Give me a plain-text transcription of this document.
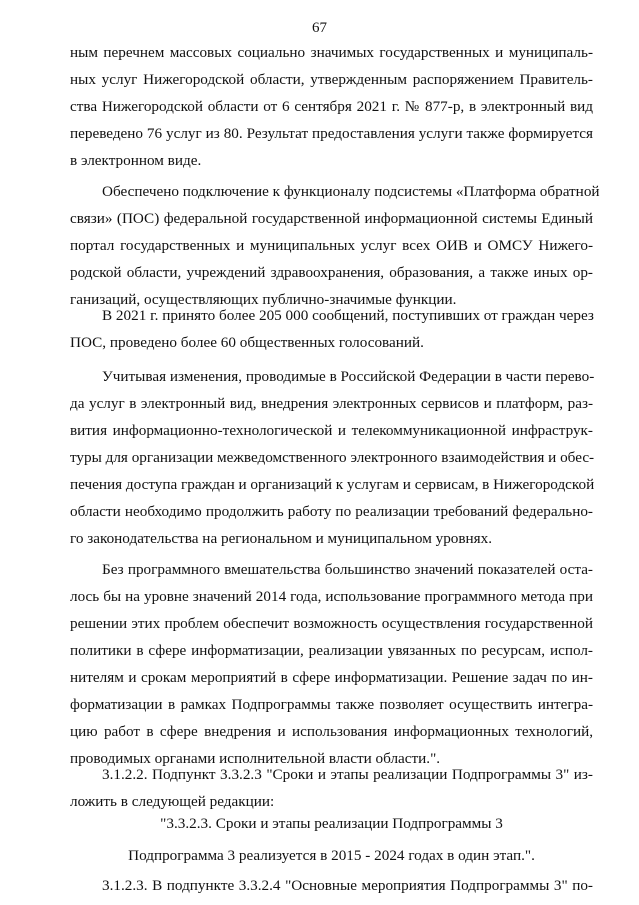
67
ным перечнем массовых социально значимых государственных и муниципаль-
ных услуг Нижегородской области, утвержденным распоряжением Правитель-
ства Нижегородской области от 6 сентября 2021 г. № 877-р, в электронный вид
переведено 76 услуг из 80. Результат предоставления услуги также формируется
в электронном виде.
Обеспечено подключение к функционалу подсистемы «Платформа обратной
связи» (ПОС) федеральной государственной информационной системы Единый
портал государственных и муниципальных услуг всех ОИВ и ОМСУ Нижего-
родской области, учреждений здравоохранения, образования, а также иных ор-
ганизаций, осуществляющих публично-значимые функции.
В 2021 г. принято более 205 000 сообщений, поступивших от граждан через
ПОС, проведено более 60 общественных голосований.
Учитывая изменения, проводимые в Российской Федерации в части перево-
да услуг в электронный вид, внедрения электронных сервисов и платформ, раз-
вития информационно-технологической и телекоммуникационной инфраструк-
туры для организации межведомственного электронного взаимодействия и обес-
печения доступа граждан и организаций к услугам и сервисам, в Нижегородской
области необходимо продолжить работу по реализации требований федерально-
го законодательства на региональном и муниципальном уровнях.
Без программного вмешательства большинство значений показателей оста-
лось бы на уровне значений 2014 года, использование программного метода при
решении этих проблем обеспечит возможность осуществления государственной
политики в сфере информатизации, реализации увязанных по ресурсам, испол-
нителям и срокам мероприятий в сфере информатизации. Решение задач по ин-
форматизации в рамках Подпрограммы также позволяет осуществить интегра-
цию работ в сфере внедрения и использования информационных технологий,
проводимых органами исполнительной власти области.".
3.1.2.2. Подпункт 3.3.2.3 "Сроки и этапы реализации Подпрограммы 3" из-
ложить в следующей редакции:
"3.3.2.3. Сроки и этапы реализации Подпрограммы 3
Подпрограмма 3 реализуется в 2015 - 2024 годах в один этап.".
3.1.2.3. В подпункте 3.3.2.4 "Основные мероприятия Подпрограммы 3" по-
